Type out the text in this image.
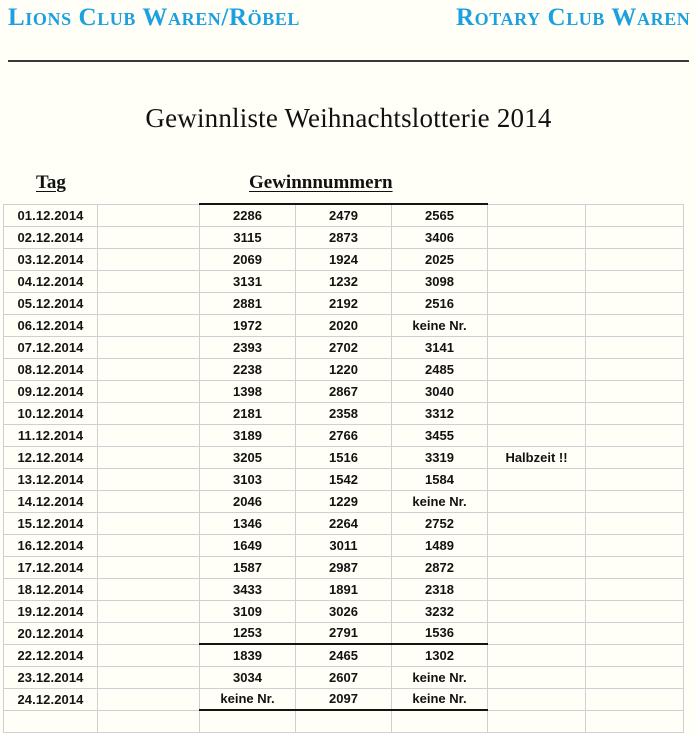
Lions Club Waren/Röbel	Rotary Club Waren
Gewinnliste Weihnachtslotterie 2014
Tag	Gewinnnummern
01.12.2014		2286	2479	2565		
02.12.2014		3115	2873	3406		
03.12.2014		2069	1924	2025		
04.12.2014		3131	1232	3098		
05.12.2014		2881	2192	2516		
06.12.2014		1972	2020	keine Nr.		
07.12.2014		2393	2702	3141		
08.12.2014		2238	1220	2485		
09.12.2014		1398	2867	3040		
10.12.2014		2181	2358	3312		
11.12.2014		3189	2766	3455		
12.12.2014		3205	1516	3319	Halbzeit !!	
13.12.2014		3103	1542	1584		
14.12.2014		2046	1229	keine Nr.		
15.12.2014		1346	2264	2752		
16.12.2014		1649	3011	1489		
17.12.2014		1587	2987	2872		
18.12.2014		3433	1891	2318		
19.12.2014		3109	3026	3232		
20.12.2014		1253	2791	1536		
22.12.2014		1839	2465	1302		
23.12.2014		3034	2607	keine Nr.		
24.12.2014		keine Nr.	2097	keine Nr.		
